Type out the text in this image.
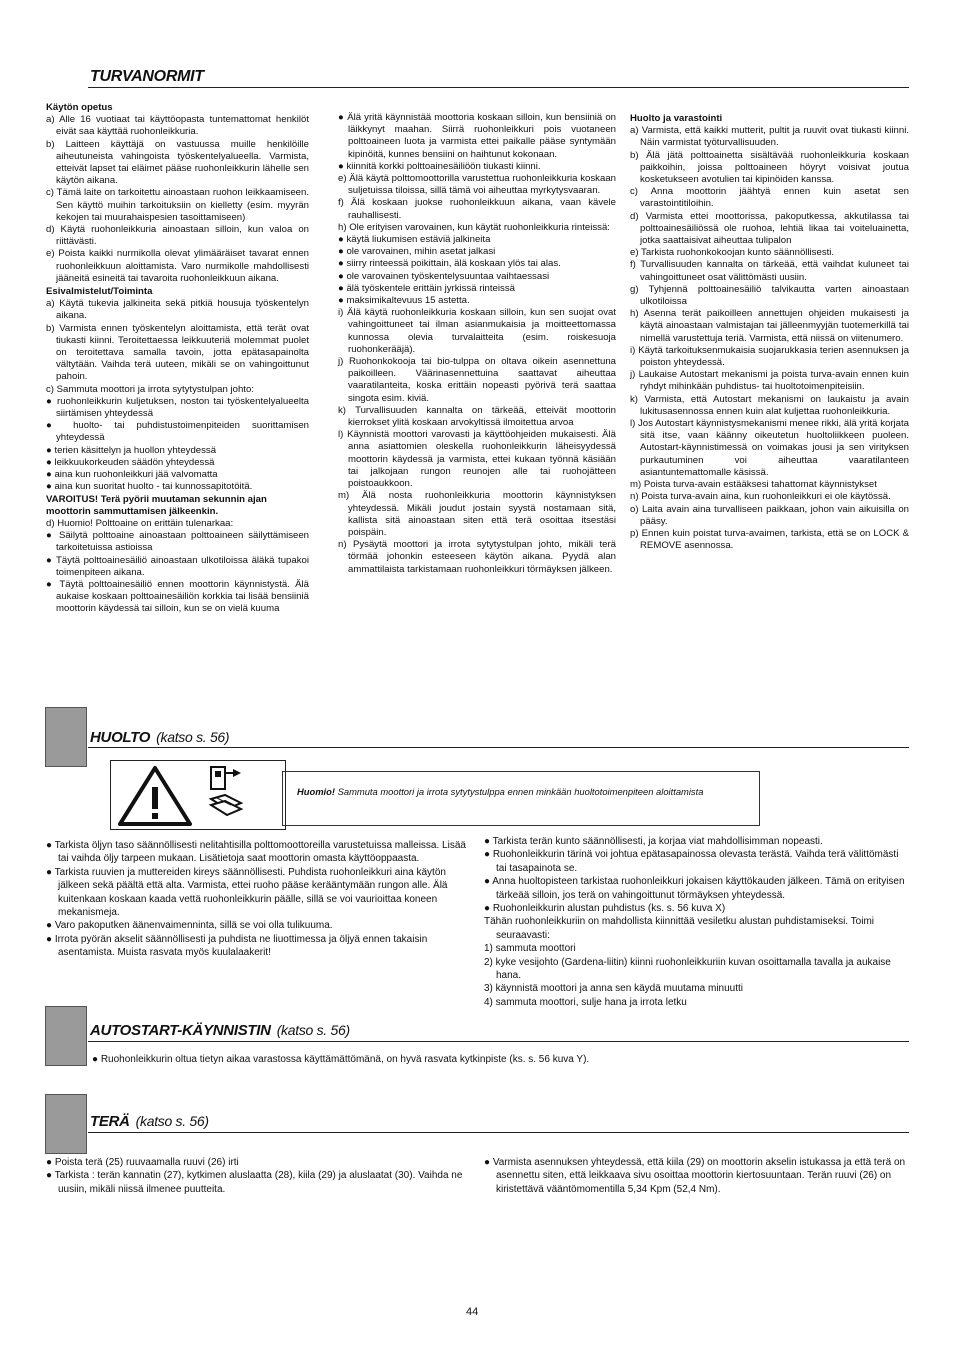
TURVANORMIT

Käytön opetus

a) Alle 16 vuotiaat tai käyttöopasta tuntemattomat henkilöt eivät saa käyttää ruohonleikkuria.

b) Laitteen käyttäjä on vastuussa muille henkilöille aiheutuneista vahingoista työskentelyalueella. Varmista, etteivät lapset tai eläimet pääse ruohonleikkurin lähelle sen käytön aikana.

c) Tämä laite on tarkoitettu ainoastaan ruohon leikkaamiseen. Sen käyttö muihin tarkoituksiin on kielletty (esim. myyrän kekojen tai muurahaispesien tasoittamiseen)

d) Käytä ruohonleikkuria ainoastaan silloin, kun valoa on riittävästi.

e) Poista kaikki nurmikolla olevat ylimääräiset tavarat ennen ruohonleikkuun aloittamista. Varo nurmikolle mahdollisesti jääneitä esineitä tai tavaroita ruohonleikkuun aikana.

Esivalmistelut/Toiminta

a) Käytä tukevia jalkineita sekä pitkiä housuja työskentelyn aikana.

b) Varmista ennen työskentelyn aloittamista, että terät ovat tiukasti kiinni. Teroitettaessa leikkuuteriä molemmat puolet on teroitettava samalla tavoin, jotta epätasapainolta vältytään. Vaihda terä uuteen, mikäli se on vahingoittunut pahoin.

c) Sammuta moottori ja irrota sytytystulpan johto:

● ruohonleikkurin kuljetuksen, noston tai työskentelyalueelta siirtämisen yhteydessä

● huolto- tai puhdistustoimenpiteiden suorittamisen yhteydessä

● terien käsittelyn ja huollon yhteydessä

● leikkuukorkeuden säädön yhteydessä

● aina kun ruohonleikkuri jää valvomatta

● aina kun suoritat huolto - tai kunnossapitotöitä.

VAROITUS! Terä pyörii muutaman sekunnin ajan moottorin sammuttamisen jälkeenkin.

d) Huomio! Polttoaine on erittäin tulenarkaa:

● Säilytä polttoaine ainoastaan polttoaineen säilyttämiseen tarkoitetuissa astioissa

● Täytä polttoainesäiliö ainoastaan ulkotiloissa äläkä tupakoi toimenpiteen aikana.

● Täytä polttoainesäiliö ennen moottorin käynnistystä. Älä aukaise koskaan polttoainesäiliön korkkia tai lisää bensiiniä moottorin käydessä tai silloin, kun se on vielä kuuma

● Älä yritä käynnistää moottoria koskaan silloin, kun bensiiniä on läikkynyt maahan. Siirrä ruohonleikkuri pois vuotaneen polttoaineen luota ja varmista ettei paikalle pääse syntymään kipinöitä, kunnes bensiini on haihtunut kokonaan.

● kiinnitä korkki polttoainesäiliöön tiukasti kiinni.

e) Älä käytä polttomoottorilla varustettua ruohonleikkuria koskaan suljetuissa tiloissa, sillä tämä voi aiheuttaa myrkytysvaaran.

f) Älä koskaan juokse ruohonleikkuun aikana, vaan kävele rauhallisesti.

h) Ole erityisen varovainen, kun käytät ruohonleikkuria rinteissä:

● käytä liukumisen estäviä jalkineita

● ole varovainen, mihin asetat jalkasi

● siirry rinteessä poikittain, älä koskaan ylös tai alas.

● ole varovainen työskentelysuuntaa vaihtaessasi

● älä työskentele erittäin jyrkissä rinteissä

● maksimikaltevuus 15 astetta.

i) Älä käytä ruohonleikkuria koskaan silloin, kun sen suojat ovat vahingoittuneet tai ilman asianmukaisia ja moitteettomassa kunnossa olevia turvalaitteita (esim. roiskesuoja ruohonkerääjä).

j) Ruohonkokooja tai bio-tulppa on oltava oikein asennettuna paikoilleen. Väärinasennettuina saattavat aiheuttaa vaaratilanteita, koska erittäin nopeasti pyörivä terä saattaa singota esim. kiviä.

k) Turvallisuuden kannalta on tärkeää, etteivät moottorin kierrokset ylitä koskaan arvokyltissä ilmoitettua arvoa

l) Käynnistä moottori varovasti ja käyttöohjeiden mukaisesti. Älä anna asiattomien oleskella ruohonleikkurin läheisyydessä moottorin käydessä ja varmista, ettei kukaan työnnä käsiään tai jalkojaan rungon reunojen alle tai ruohojätteen poistoaukkoon.

m) Älä nosta ruohonleikkuria moottorin käynnistyksen yhteydessä. Mikäli joudut jostain syystä nostamaan sitä, kallista sitä ainoastaan siten että terä osoittaa itsestäsi poispäin.

n) Pysäytä moottori ja irrota sytytystulpan johto, mikäli terä törmää johonkin esteeseen käytön aikana. Pyydä alan ammattilaista tarkistamaan ruohonleikkuri törmäyksen jälkeen.

Huolto ja varastointi

a) Varmista, että kaikki mutterit, pultit ja ruuvit ovat tiukasti kiinni. Näin varmistat työturvallisuuden.

b) Älä jätä polttoainetta sisältävää ruohonleikkuria koskaan paikkoihin, joissa polttoaineen höyryt voisivat joutua kosketukseen avotulien tai kipinöiden kanssa.

c) Anna moottorin jäähtyä ennen kuin asetat sen varastointitiloihin.

d) Varmista ettei moottorissa, pakoputkessa, akkutilassa tai polttoainesäiliössä ole ruohoa, lehtiä likaa tai voiteluainetta, jotka saattaisivat aiheuttaa tulipalon

e) Tarkista ruohonkokoojan kunto säännöllisesti.

f) Turvallisuuden kannalta on tärkeää, että vaihdat kuluneet tai vahingoittuneet osat välittömästi uusiin.

g) Tyhjennä polttoainesäiliö talvikautta varten ainoastaan ulkotiloissa

h) Asenna terät paikoilleen annettujen ohjeiden mukaisesti ja käytä ainoastaan valmistajan tai jälleenmyyjän tuotemerkillä tai nimellä varustettuja teriä. Varmista, että niissä on viitenumero.

i) Käytä tarkoituksenmukaisia suojarukkasia terien asennuksen ja poiston yhteydessä.

j) Laukaise Autostart mekanismi ja poista turva-avain ennen kuin ryhdyt mihinkään puhdistus- tai huoltotoimenpiteisiin.

k) Varmista, että Autostart mekanismi on laukaistu ja avain lukitusasennossa ennen kuin alat kuljettaa ruohonleikkuria.

l) Jos Autostart käynnistysmekanismi menee rikki, älä yritä korjata sitä itse, vaan käänny oikeutetun huoltoliikkeen puoleen. Autostart-käynnistimessä on voimakas jousi ja sen virityksen purkautuminen voi aiheuttaa vaaratilanteen asiantuntemattomalle käsissä.

m) Poista turva-avain estääksesi tahattomat käynnistykset

n) Poista turva-avain aina, kun ruohonleikkuri ei ole käytössä.

o) Laita avain aina turvalliseen paikkaan, johon vain aikuisilla on pääsy.

p) Ennen kuin poistat turva-avaimen, tarkista, että se on LOCK & REMOVE asennossa.

HUOLTO (katso s. 56)
Huomio! Sammuta moottori ja irrota sytytystulppa ennen minkään huoltotoimenpiteen aloittamista

● Tarkista öljyn taso säännöllisesti nelitahtisilla polttomoottoreilla varustetuissa malleissa. Lisää tai vaihda öljy tarpeen mukaan. Lisätietoja saat moottorin omasta käyttöoppaasta.

● Tarkista ruuvien ja muttereiden kireys säännöllisesti. Puhdista ruohonleikkuri aina käytön jälkeen sekä päältä että alta. Varmista, ettei ruoho pääse kerääntymään rungon alle. Älä kuitenkaan koskaan kaada vettä ruohonleikkurin päälle, sillä se voi vaurioittaa koneen mekanismeja.

● Varo pakoputken äänenvaimenninta, sillä se voi olla tulikuuma.

● Irrota pyörän akselit säännöllisesti ja puhdista ne liuottimessa ja öljyä ennen takaisin asentamista. Muista rasvata myös kuulalaakerit!

● Tarkista terän kunto säännöllisesti, ja korjaa viat mahdollisimman nopeasti.

● Ruohonleikkurin tärinä voi johtua epätasapainossa olevasta terästä. Vaihda terä välittömästi tai tasapainota se.

● Anna huoltopisteen tarkistaa ruohonleikkuri jokaisen käyttökauden jälkeen. Tämä on erityisen tärkeää silloin, jos terä on vahingoittunut törmäyksen yhteydessä.

● Ruohonleikkurin alustan puhdistus (ks. s. 56 kuva X)

Tähän ruohonleikkuriin on mahdollista kiinnittää vesiletku alustan puhdistamiseksi. Toimi seuraavasti:

1) sammuta moottori

2) kyke vesijohto (Gardena-liitin) kiinni ruohonleikkuriin kuvan osoittamalla tavalla ja aukaise hana.

3) käynnistä moottori ja anna sen käydä muutama minuutti

4) sammuta moottori, sulje hana ja irrota letku

AUTOSTART-KÄYNNISTIN (katso s. 56)
● Ruohonleikkurin oltua tietyn aikaa varastossa käyttämättömänä, on hyvä rasvata kytkinpiste (ks. s. 56 kuva Y).
TERÄ (katso s. 56)

● Poista terä (25) ruuvaamalla ruuvi (26) irti

● Tarkista : terän kannatin (27), kytkimen aluslaatta (28), kiila (29) ja aluslaatat (30). Vaihda ne uusiin, mikäli niissä ilmenee puutteita.

● Varmista asennuksen yhteydessä, että kiila (29) on moottorin akselin istukassa ja että terä on asennettu siten, että leikkaava sivu osoittaa moottorin kiertosuuntaan. Terän ruuvi (26) on kiristettävä vääntömomentilla 5,34 Kpm (52,4 Nm).

44
